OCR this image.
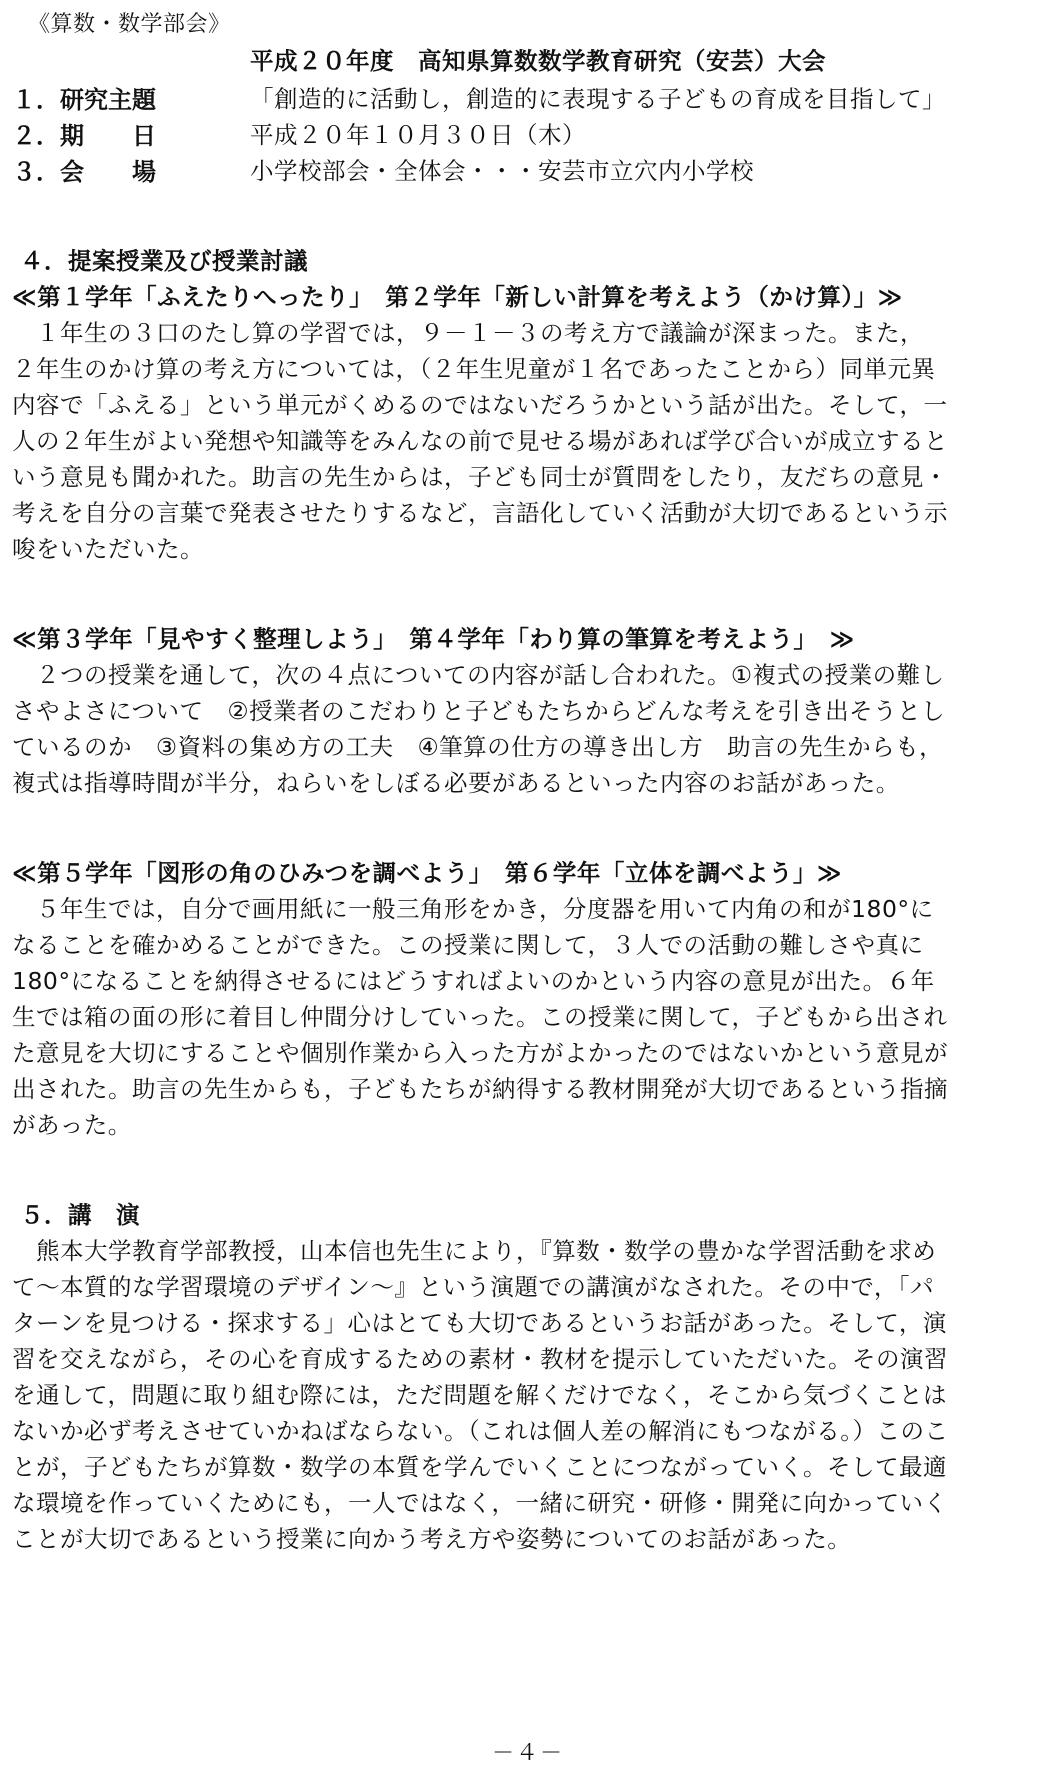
《算数・数学部会》
平成２０年度　高知県算数数学教育研究（安芸）大会
１．研究主題	「創造的に活動し，創造的に表現する子どもの育成を目指して」
２．期　　日	平成２０年１０月３０日（木）
３．会　　場	小学校部会・全体会・・・安芸市立穴内小学校
４．提案授業及び授業討議
≪第１学年「ふえたりへったり」　第２学年「新しい計算を考えよう（かけ算）」≫
　１年生の３口のたし算の学習では，９－１－３の考え方で議論が深まった。また，
２年生のかけ算の考え方については，（２年生児童が１名であったことから）同単元異
内容で「ふえる」という単元がくめるのではないだろうかという話が出た。そして，一
人の２年生がよい発想や知識等をみんなの前で見せる場があれば学び合いが成立すると
いう意見も聞かれた。助言の先生からは，子ども同士が質問をしたり，友だちの意見・
考えを自分の言葉で発表させたりするなど，言語化していく活動が大切であるという示
唆をいただいた。
≪第３学年「見やすく整理しよう」　第４学年「わり算の筆算を考えよう」　≫
　２つの授業を通して，次の４点についての内容が話し合われた。①複式の授業の難し
さやよさについて　②授業者のこだわりと子どもたちからどんな考えを引き出そうとし
ているのか　③資料の集め方の工夫　④筆算の仕方の導き出し方　助言の先生からも，
複式は指導時間が半分，ねらいをしぼる必要があるといった内容のお話があった。
≪第５学年「図形の角のひみつを調べよう」　第６学年「立体を調べよう」≫
　５年生では，自分で画用紙に一般三角形をかき，分度器を用いて内角の和が180°に
なることを確かめることができた。この授業に関して，３人での活動の難しさや真に
180°になることを納得させるにはどうすればよいのかという内容の意見が出た。６年
生では箱の面の形に着目し仲間分けしていった。この授業に関して，子どもから出され
た意見を大切にすることや個別作業から入った方がよかったのではないかという意見が
出された。助言の先生からも，子どもたちが納得する教材開発が大切であるという指摘
があった。
５．講　演
　熊本大学教育学部教授，山本信也先生により，『算数・数学の豊かな学習活動を求め
て～本質的な学習環境のデザイン～』という演題での講演がなされた。その中で，「パ
ターンを見つける・探求する」心はとても大切であるというお話があった。そして，演
習を交えながら，その心を育成するための素材・教材を提示していただいた。その演習
を通して，問題に取り組む際には，ただ問題を解くだけでなく，そこから気づくことは
ないか必ず考えさせていかねばならない。（これは個人差の解消にもつながる。）このこ
とが，子どもたちが算数・数学の本質を学んでいくことにつながっていく。そして最適
な環境を作っていくためにも，一人ではなく，一緒に研究・研修・開発に向かっていく
ことが大切であるという授業に向かう考え方や姿勢についてのお話があった。
－４－
